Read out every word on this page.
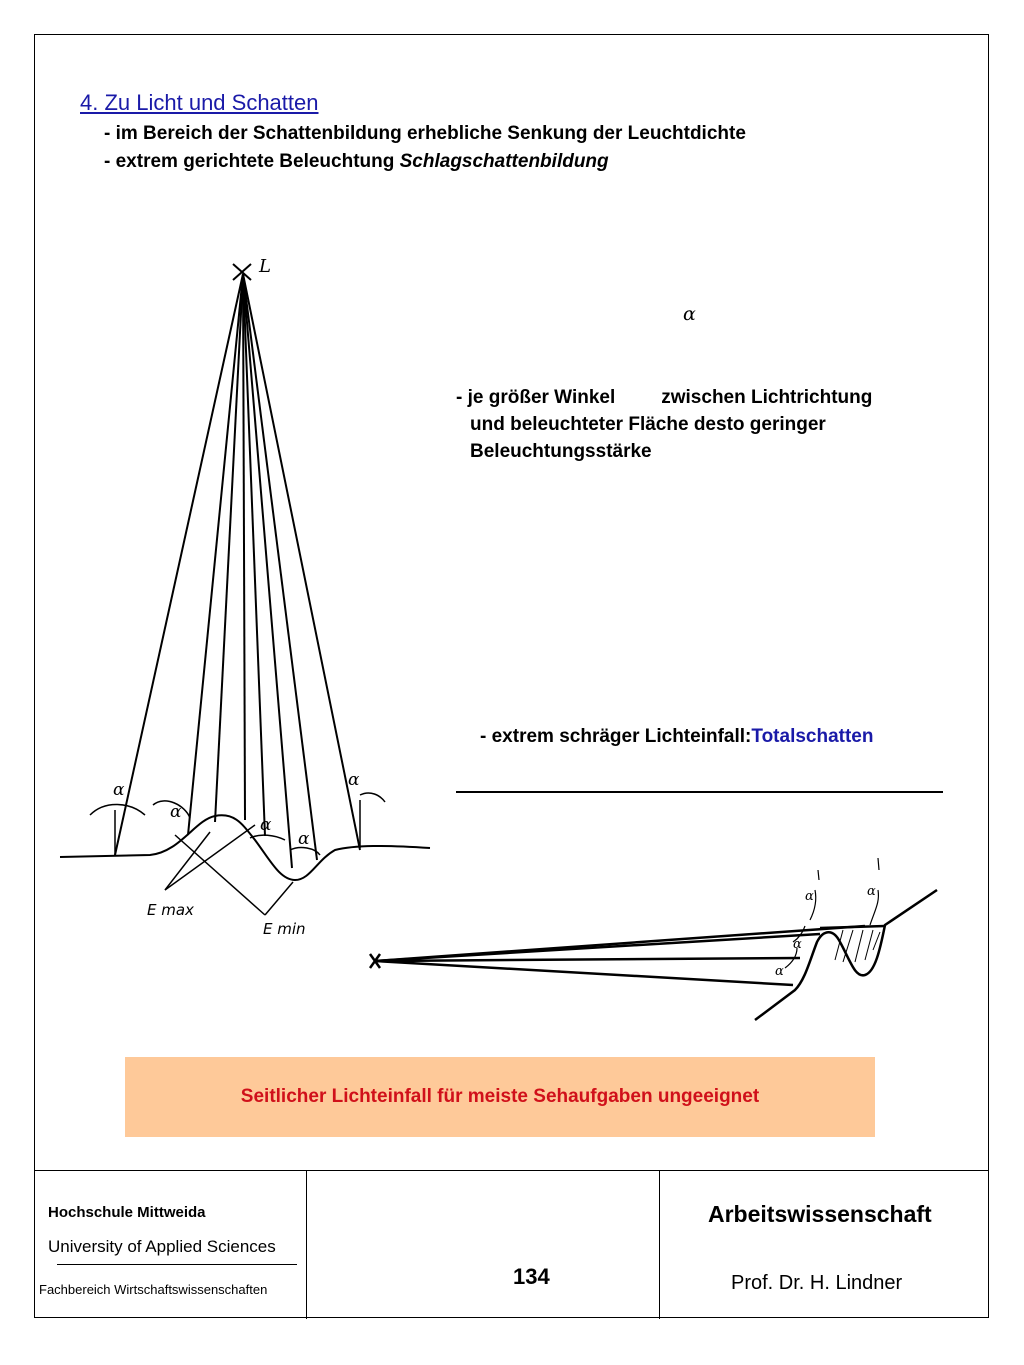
4. Zu Licht und Schatten
- im Bereich der Schattenbildung erhebliche Senkung der Leuchtdichte
- extrem gerichtete Beleuchtung Schlagschattenbildung
α
- je größer Winkel zwischen Lichtrichtung
und beleuchteter Fläche desto geringer
Beleuchtungsstärke
- extrem schräger Lichteinfall:Totalschatten
L
α
α
α
α
α
E max
E min
α	α
α
α
Seitlicher Lichteinfall für meiste Sehaufgaben ungeeignet
Hochschule Mittweida
University of Applied Sciences
Fachbereich Wirtschaftswissenschaften
134
Arbeitswissenschaft
Prof. Dr. H. Lindner
